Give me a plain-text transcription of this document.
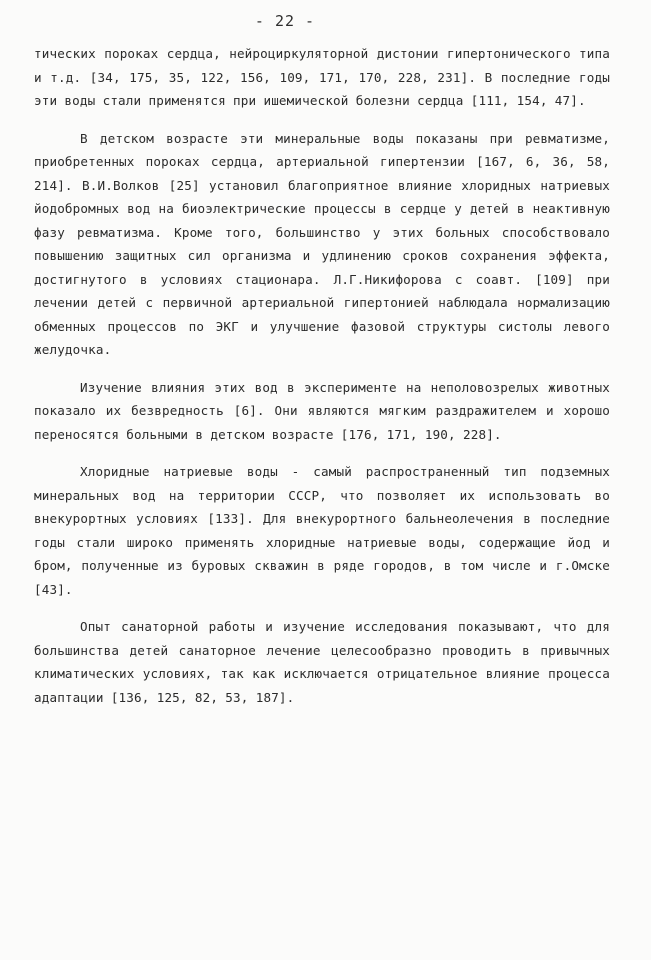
- 22 -

тических пороках сердца, нейроциркуляторной дистонии гипертонического типа и т.д. [34, 175, 35, 122, 156, 109, 171, 170, 228, 231]. В последние годы эти воды стали применятся при ишемической болезни сердца [111, 154, 47].

В детском возрасте эти минеральные воды показаны при ревматизме, приобретенных пороках сердца, артериальной гипертензии [167, 6, 36, 58, 214]. В.И.Волков [25] установил благоприятное влияние хлоридных натриевых йодобромных вод на биоэлектрические процессы в сердце у детей в неактивную фазу ревматизма. Кроме того, большинство у этих больных способствовало повышению защитных сил организма и удлинению сроков сохранения эффекта, достигнутого в условиях стационара. Л.Г.Никифорова с соавт. [109] при лечении детей с первичной артериальной гипертонией наблюдала нормализацию обменных процессов по ЭКГ и улучшение фазовой структуры систолы левого желудочка.

Изучение влияния этих вод в эксперименте на неполовозрелых животных показало их безвредность [6]. Они являются мягким раздражителем и хорошо переносятся больными в детском возрасте [176, 171, 190, 228].

Хлоридные натриевые воды - самый распространенный тип подземных минеральных вод на территории СССР, что позволяет их использовать во внекурортных условиях [133]. Для внекурортного бальнеолечения в последние годы стали широко применять хлоридные натриевые воды, содержащие йод и бром, полученные из буровых скважин в ряде городов, в том числе и г.Омске [43].

Опыт санаторной работы и изучение исследования показывают, что для большинства детей санаторное лечение целесообразно проводить в привычных климатических условиях, так как исключается отрицательное влияние процесса адаптации [136, 125, 82, 53, 187].
